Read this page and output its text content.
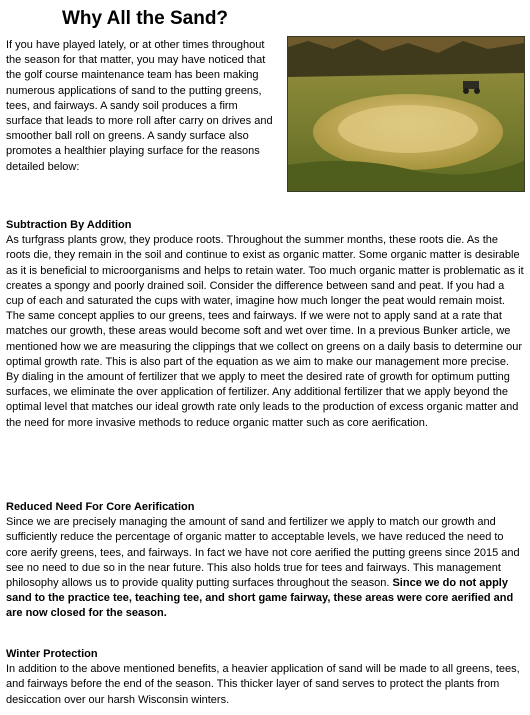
Why All the Sand?

If you have played lately, or at other times throughout the season for that matter, you may have noticed that the golf course maintenance team has been making numerous applications of sand to the putting greens, tees, and fairways. A sandy soil produces a firm surface that leads to more roll after carry on drives and smoother ball roll on greens. A sandy surface also promotes a healthier playing surface for the reasons detailed below:

Subtraction By Addition

As turfgrass plants grow, they produce roots. Throughout the summer months, these roots die. As the roots die, they remain in the soil and continue to exist as organic matter. Some organic matter is desirable as it is beneficial to microorganisms and helps to retain water. Too much organic matter is problematic as it creates a spongy and poorly drained soil. Consider the difference between sand and peat. If you had a cup of each and saturated the cups with water, imagine how much longer the peat would remain moist. The same concept applies to our greens, tees and fairways. If we were not to apply sand at a rate that matches our growth, these areas would become soft and wet over time. In a previous Bunker article, we mentioned how we are measuring the clippings that we collect on greens on a daily basis to determine our optimal growth rate. This is also part of the equation as we aim to make our management more precise. By dialing in the amount of fertilizer that we apply to meet the desired rate of growth for optimum putting surfaces, we eliminate the over application of fertilizer. Any additional fertilizer that we apply beyond the optimal level that matches our ideal growth rate only leads to the production of excess organic matter and the need for more invasive methods to reduce organic matter such as core aerification.

Reduced Need For Core Aerification

Since we are precisely managing the amount of sand and fertilizer we apply to match our growth and sufficiently reduce the percentage of organic matter to acceptable levels, we have reduced the need to core aerify greens, tees, and fairways. In fact we have not core aerified the putting greens since 2015 and see no need to due so in the near future. This also holds true for tees and fairways. This management philosophy allows us to provide quality putting surfaces throughout the season. Since we do not apply sand to the practice tee, teaching tee, and short game fairway, these areas were core aerified and are now closed for the season.

Winter Protection

In addition to the above mentioned benefits, a heavier application of sand will be made to all greens, tees, and fairways before the end of the season. This thicker layer of sand serves to protect the plants from desiccation over our harsh Wisconsin winters.
